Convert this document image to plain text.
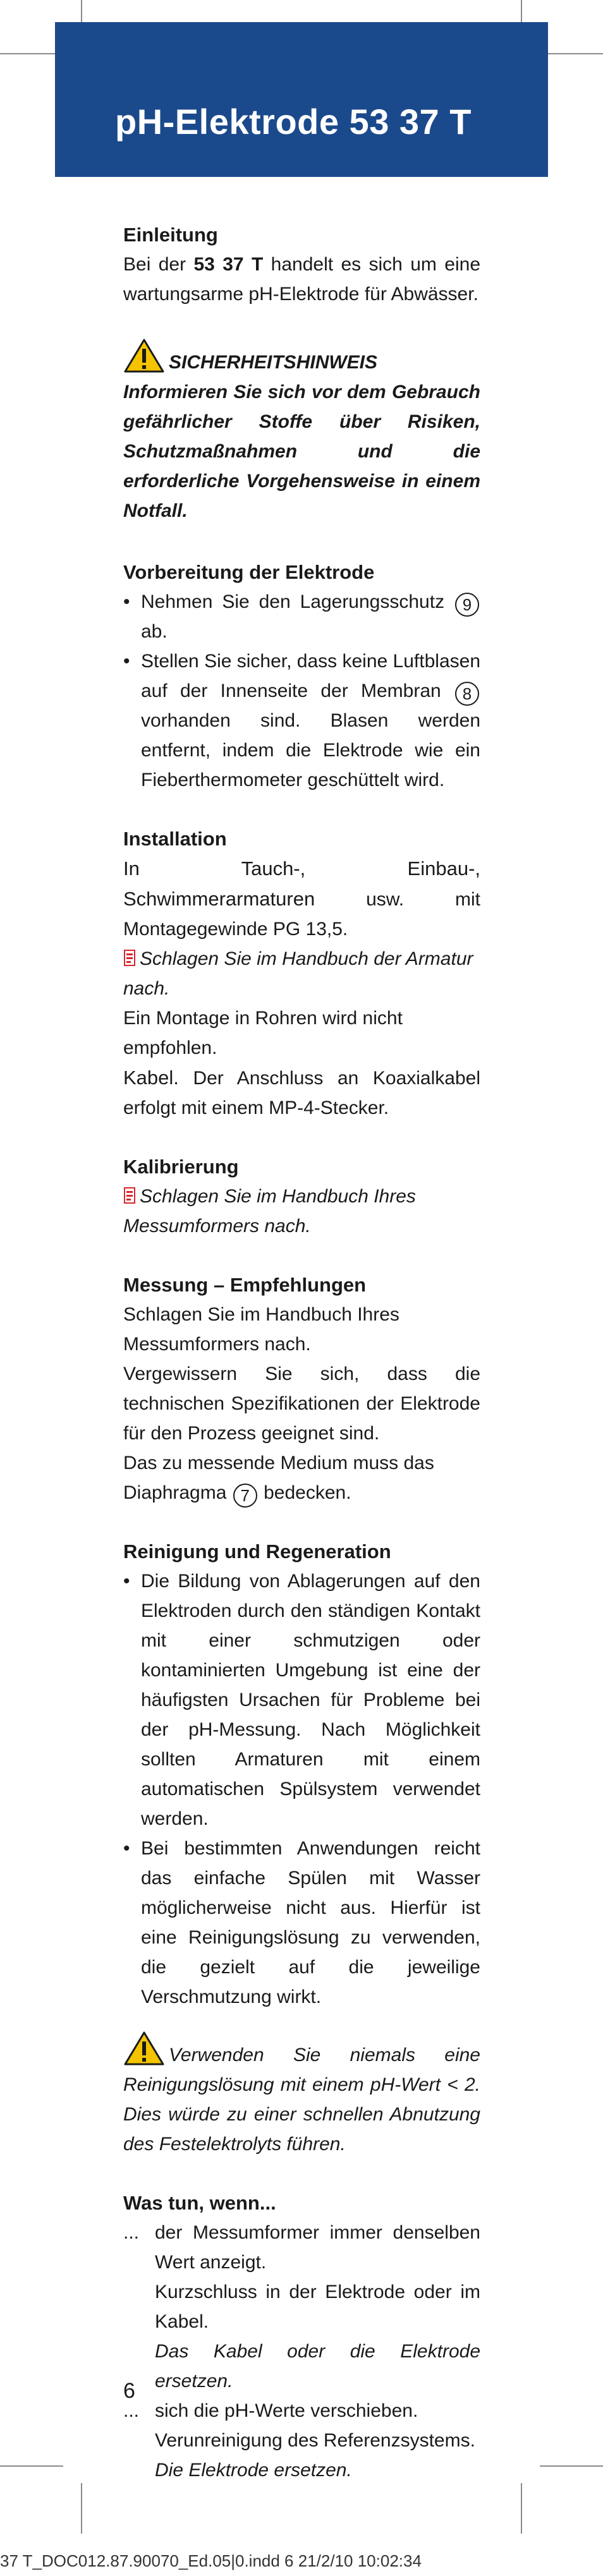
pH-Elektrode 53 37 T
Einleitung

Bei der 53 37 T handelt es sich um eine wartungsarme pH-Elektrode für Abwässer.

SICHERHEITSHINWEIS

Informieren Sie sich vor dem Gebrauch gefährlicher Stoffe über Risiken, Schutzmaßnahmen und die erforderliche Vorgehensweise in einem Notfall.

Vorbereitung der Elektrode
• Nehmen Sie den Lagerungsschutz 9 ab.
• Stellen Sie sicher, dass keine Luftblasen auf der Innenseite der Membran 8 vorhanden sind. Blasen werden entfernt, indem die Elektrode wie ein Fieberthermometer geschüttelt wird.
Installation

In Tauch-, Einbau-, Schwimmerarmaturen usw. mit Montagegewinde PG 13,5.

Schlagen Sie im Handbuch der Armatur nach.

Ein Montage in Rohren wird nicht empfohlen.

Kabel. Der Anschluss an Koaxialkabel erfolgt mit einem MP-4-Stecker.

Kalibrierung

Schlagen Sie im Handbuch Ihres Messumformers nach.

Messung – Empfehlungen

Schlagen Sie im Handbuch Ihres Messumformers nach.

Vergewissern Sie sich, dass die technischen Spezifikationen der Elektrode für den Prozess geeignet sind.

Das zu messende Medium muss das Diaphragma 7 bedecken.

Reinigung und Regeneration
• Die Bildung von Ablagerungen auf den Elektroden durch den ständigen Kontakt mit einer schmutzigen oder kontaminierten Umgebung ist eine der häufigsten Ursachen für Probleme bei der pH-Messung. Nach Möglichkeit sollten Armaturen mit einem automatischen Spülsystem verwendet werden.
• Bei bestimmten Anwendungen reicht das einfache Spülen mit Wasser möglicherweise nicht aus. Hierfür ist eine Reinigungslösung zu verwenden, die gezielt auf die jeweilige Verschmutzung wirkt.

Verwenden Sie niemals eine Reinigungslösung mit einem pH-Wert < 2. Dies würde zu einer schnellen Abnutzung des Festelektrolyts führen.

Was tun, wenn...

... der Messumformer immer denselben Wert anzeigt.

Kurzschluss in der Elektrode oder im Kabel.

Das Kabel oder die Elektrode ersetzen.

... sich die pH-Werte verschieben.

Verunreinigung des Referenzsystems.

Die Elektrode ersetzen.

6
37 T_DOC012.87.90070_Ed.05|0.indd 6 21/2/10 10:02:34
